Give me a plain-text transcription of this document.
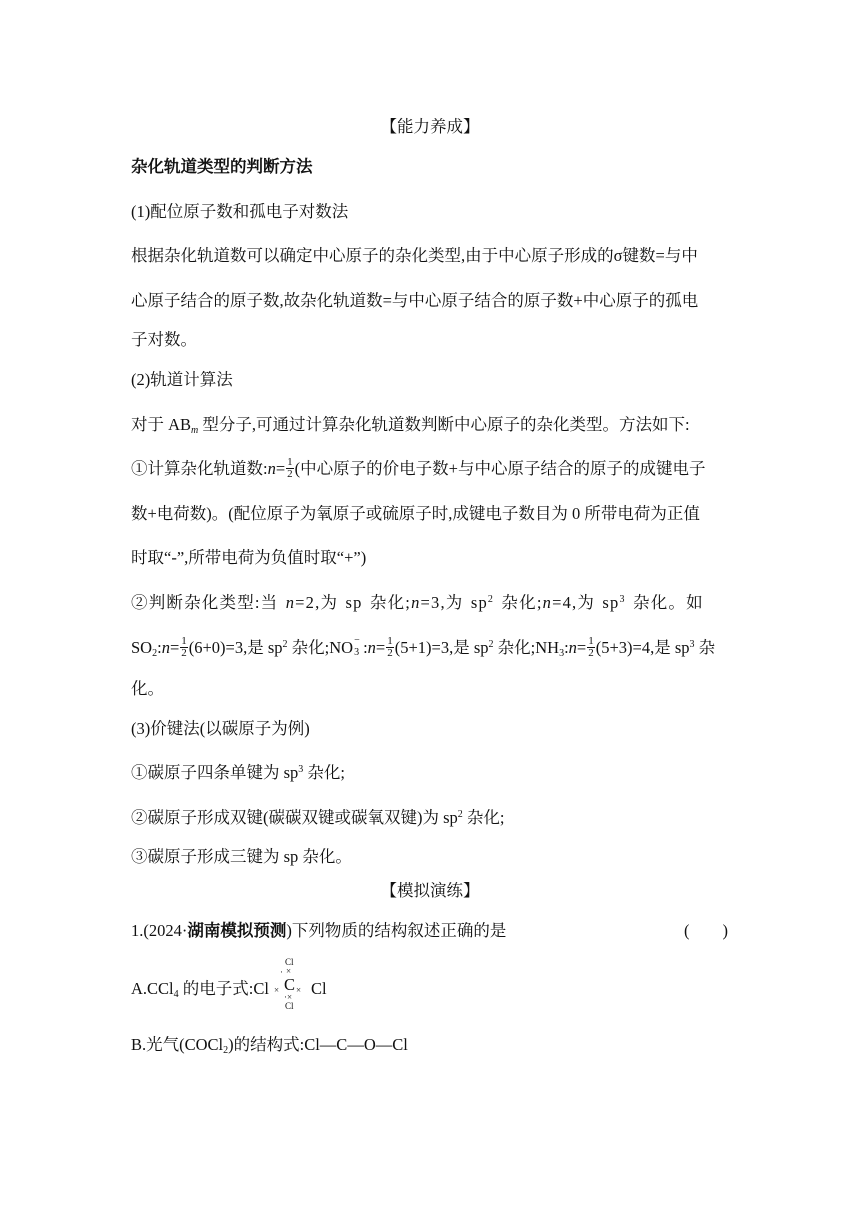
【能力养成】
杂化轨道类型的判断方法
(1)配位原子数和孤电子对数法
根据杂化轨道数可以确定中心原子的杂化类型,由于中心原子形成的σ键数=与中
心原子结合的原子数,故杂化轨道数=与中心原子结合的原子数+中心原子的孤电
子对数。
(2)轨道计算法
对于 $AB_m$ 型分子,可通过计算杂化轨道数判断中心原子的杂化类型。方法如下:
①计算杂化轨道数:n= $\frac{1}{2}$ (中心原子的价电子数+与中心原子结合的原子的成键电子
数+电荷数)。(配位原子为氧原子或硫原子时,成键电子数目为 0 所带电荷为正值
时取“-”,所带电荷为负值时取“+”)
②判断杂化类型:当 n=2,为 sp 杂化;n=3,为 $sp^2$ 杂化;n=4,为 $sp^3$ 杂化。如
$SO_2:n= \frac{1}{2} (6+0)=3$,是 $sp^2$ 杂化;NO −
3 :n= $\frac{1}{2} (5+1)=3$,是 $sp^2$ 杂化$;NH_3:n= \frac{1}{2} (5+3)=4$,是 $sp^3$ 杂
化。
(3)价键法(以碳原子为例)
①碳原子四条单键为 $sp^3$ 杂化;
②碳原子形成双键(碳碳双键或碳氧双键)为 $sp^2$ 杂化;
③碳原子形成三键为 sp 杂化。
【模拟演练】
1.(2024·湖南模拟预测)下列物质的结构叙述正确的是	(　　)
A.CCl$_4$ 的电子式:Cl	Cl
Cl
×
·
C
× ×
·×
Cl
B.光气(COCl$_2$)的结构式:Cl—C—O—Cl
